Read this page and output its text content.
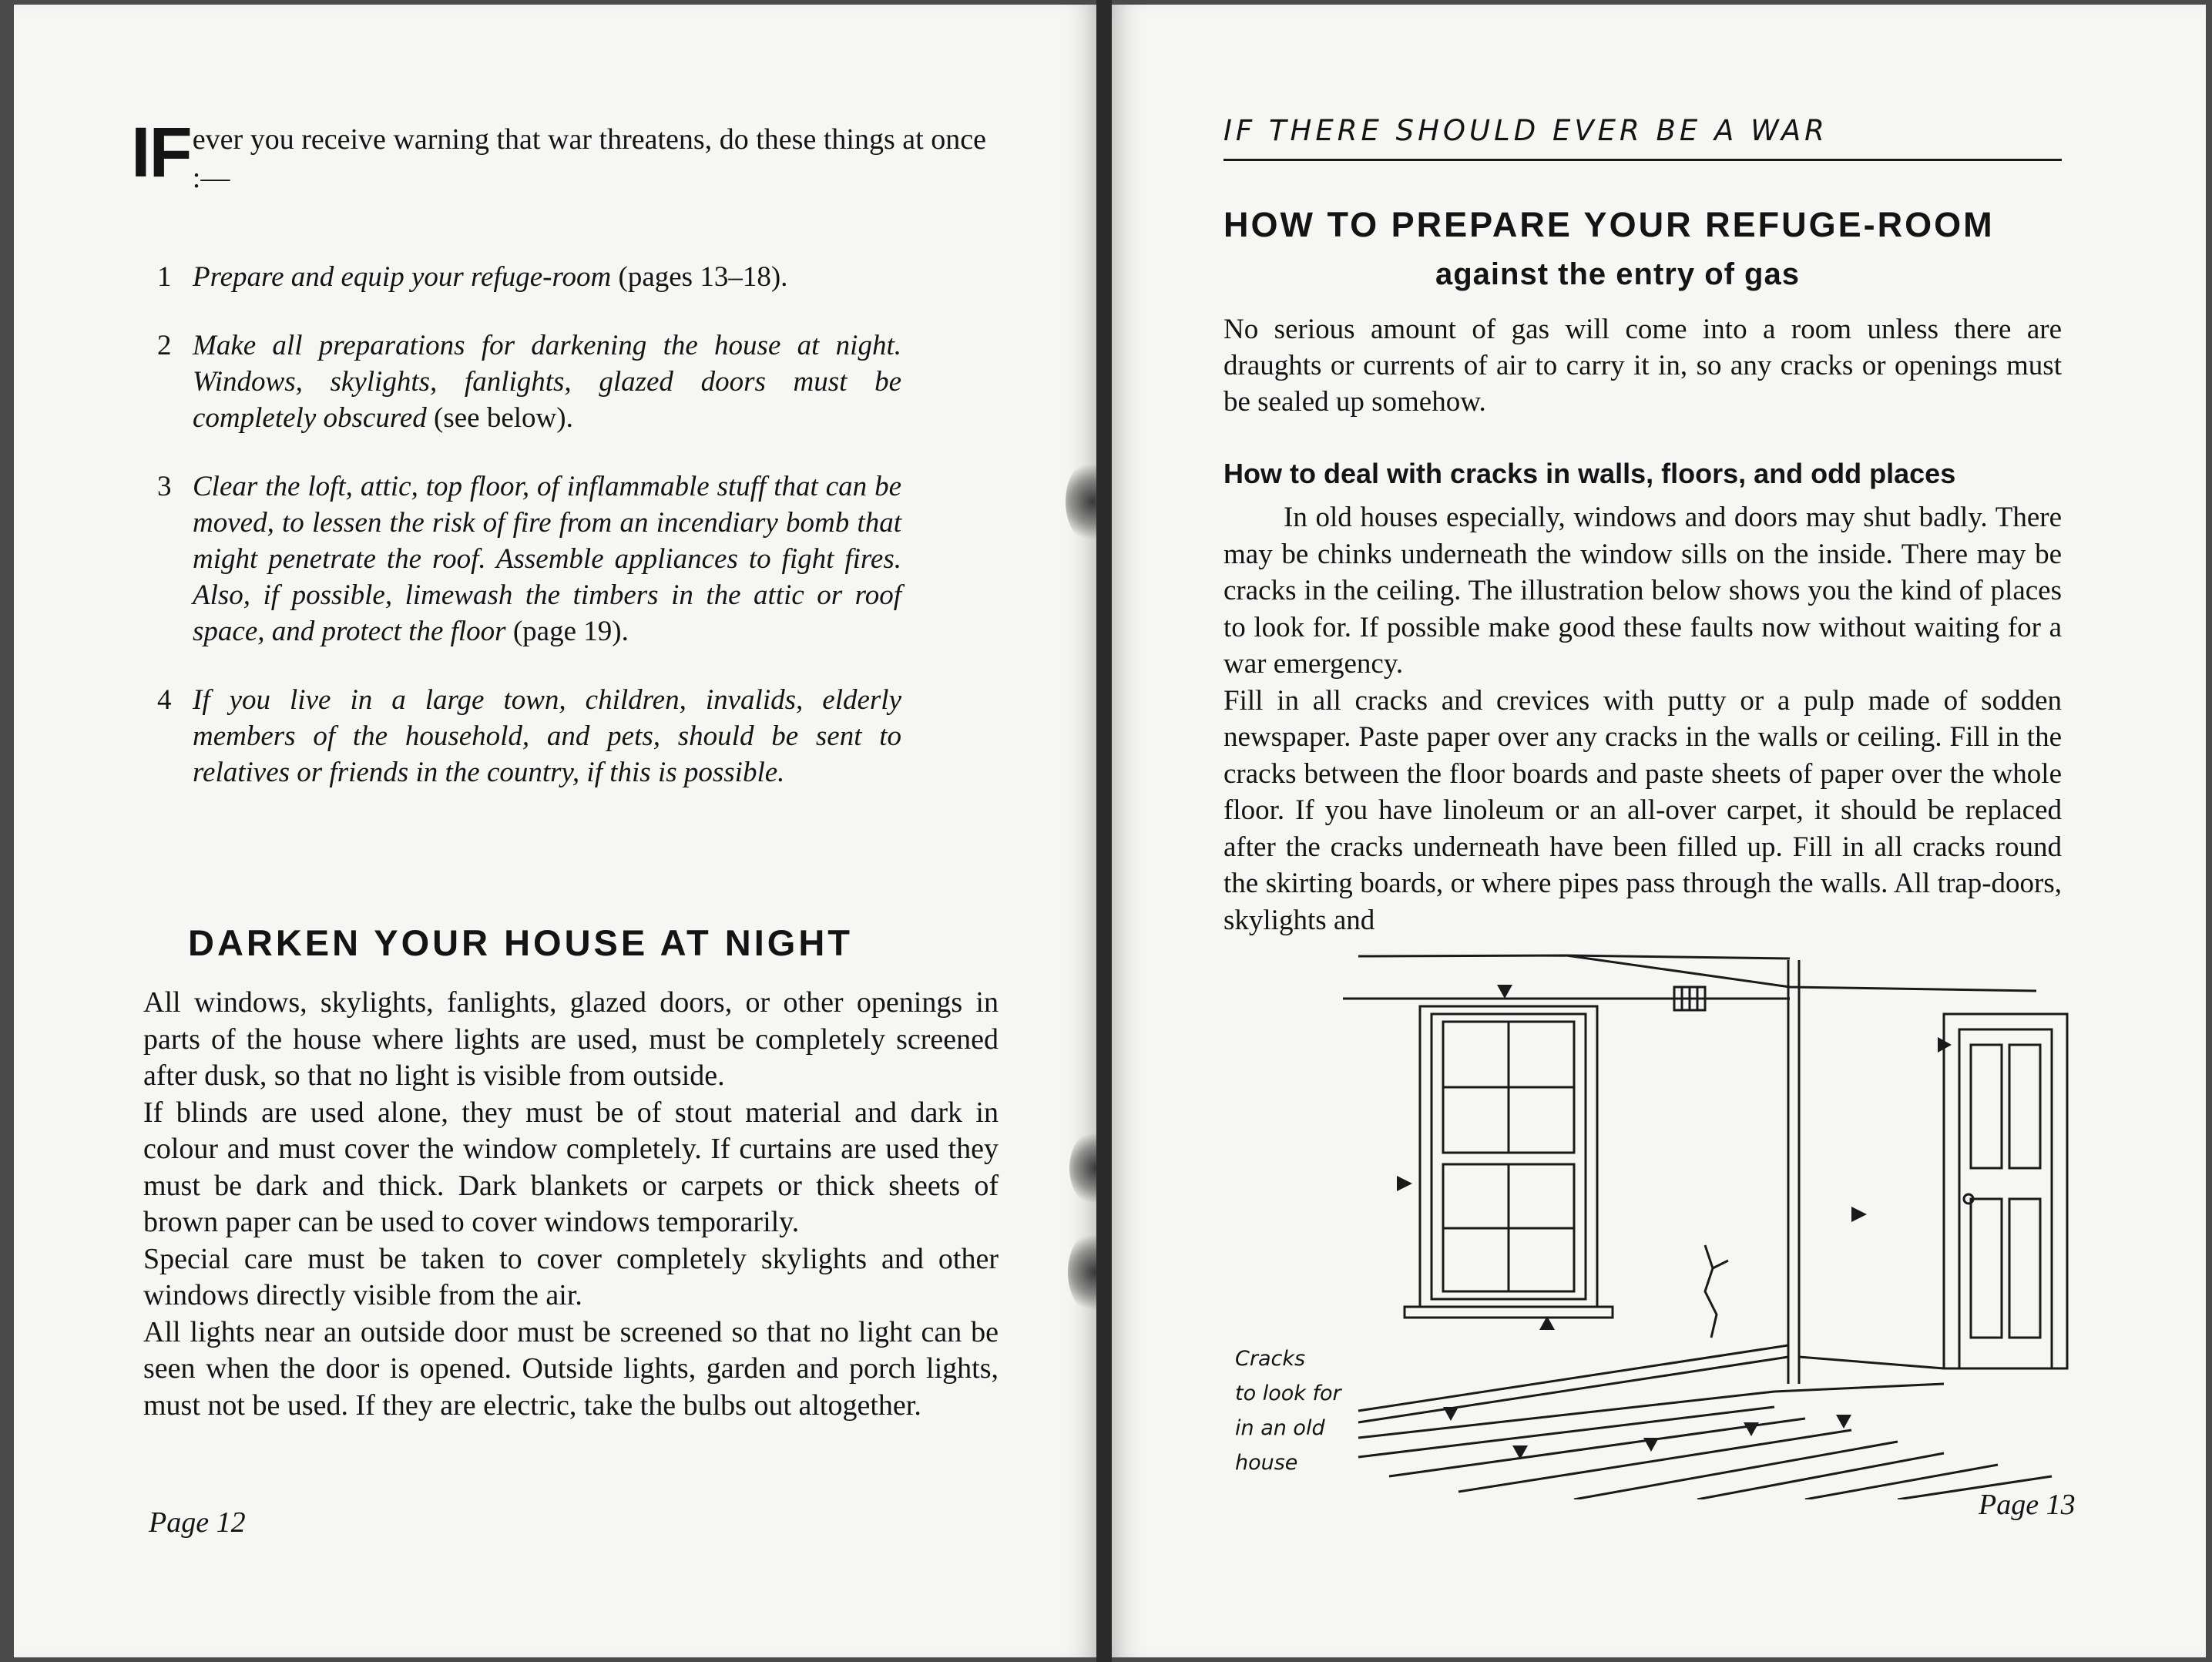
IF ever you receive warning that war threatens, do these things at once :—
1 Prepare and equip your refuge-room (pages 13–18).
2 Make all preparations for darkening the house at night. Windows, skylights, fanlights, glazed doors must be completely obscured (see below).
3 Clear the loft, attic, top floor, of inflammable stuff that can be moved, to lessen the risk of fire from an incendiary bomb that might penetrate the roof. Assemble appliances to fight fires. Also, if possible, limewash the timbers in the attic or roof space, and protect the floor (page 19).
4 If you live in a large town, children, invalids, elderly members of the household, and pets, should be sent to relatives or friends in the country, if this is possible.
DARKEN YOUR HOUSE AT NIGHT

All windows, skylights, fanlights, glazed doors, or other openings in parts of the house where lights are used, must be completely screened after dusk, so that no light is visible from outside.

If blinds are used alone, they must be of stout material and dark in colour and must cover the window completely. If curtains are used they must be dark and thick. Dark blankets or carpets or thick sheets of brown paper can be used to cover windows temporarily.

Special care must be taken to cover completely skylights and other windows directly visible from the air.

All lights near an outside door must be screened so that no light can be seen when the door is opened. Outside lights, garden and porch lights, must not be used. If they are electric, take the bulbs out altogether.

Page 12
IF THERE SHOULD EVER BE A WAR
HOW TO PREPARE YOUR REFUGE-ROOM
against the entry of gas
No serious amount of gas will come into a room unless there are draughts or currents of air to carry it in, so any cracks or openings must be sealed up somehow.
How to deal with cracks in walls, floors, and odd places

In old houses especially, windows and doors may shut badly. There may be chinks underneath the window sills on the inside. There may be cracks in the ceiling. The illustration below shows you the kind of places to look for. If possible make good these faults now without waiting for a war emergency.

Fill in all cracks and crevices with putty or a pulp made of sodden newspaper. Paste paper over any cracks in the walls or ceiling. Fill in the cracks between the floor boards and paste sheets of paper over the whole floor. If you have linoleum or an all-over carpet, it should be replaced after the cracks underneath have been filled up. Fill in all cracks round the skirting boards, or where pipes pass through the walls. All trap-doors, skylights and

Cracks
to look for
in an old
house
Page 13
